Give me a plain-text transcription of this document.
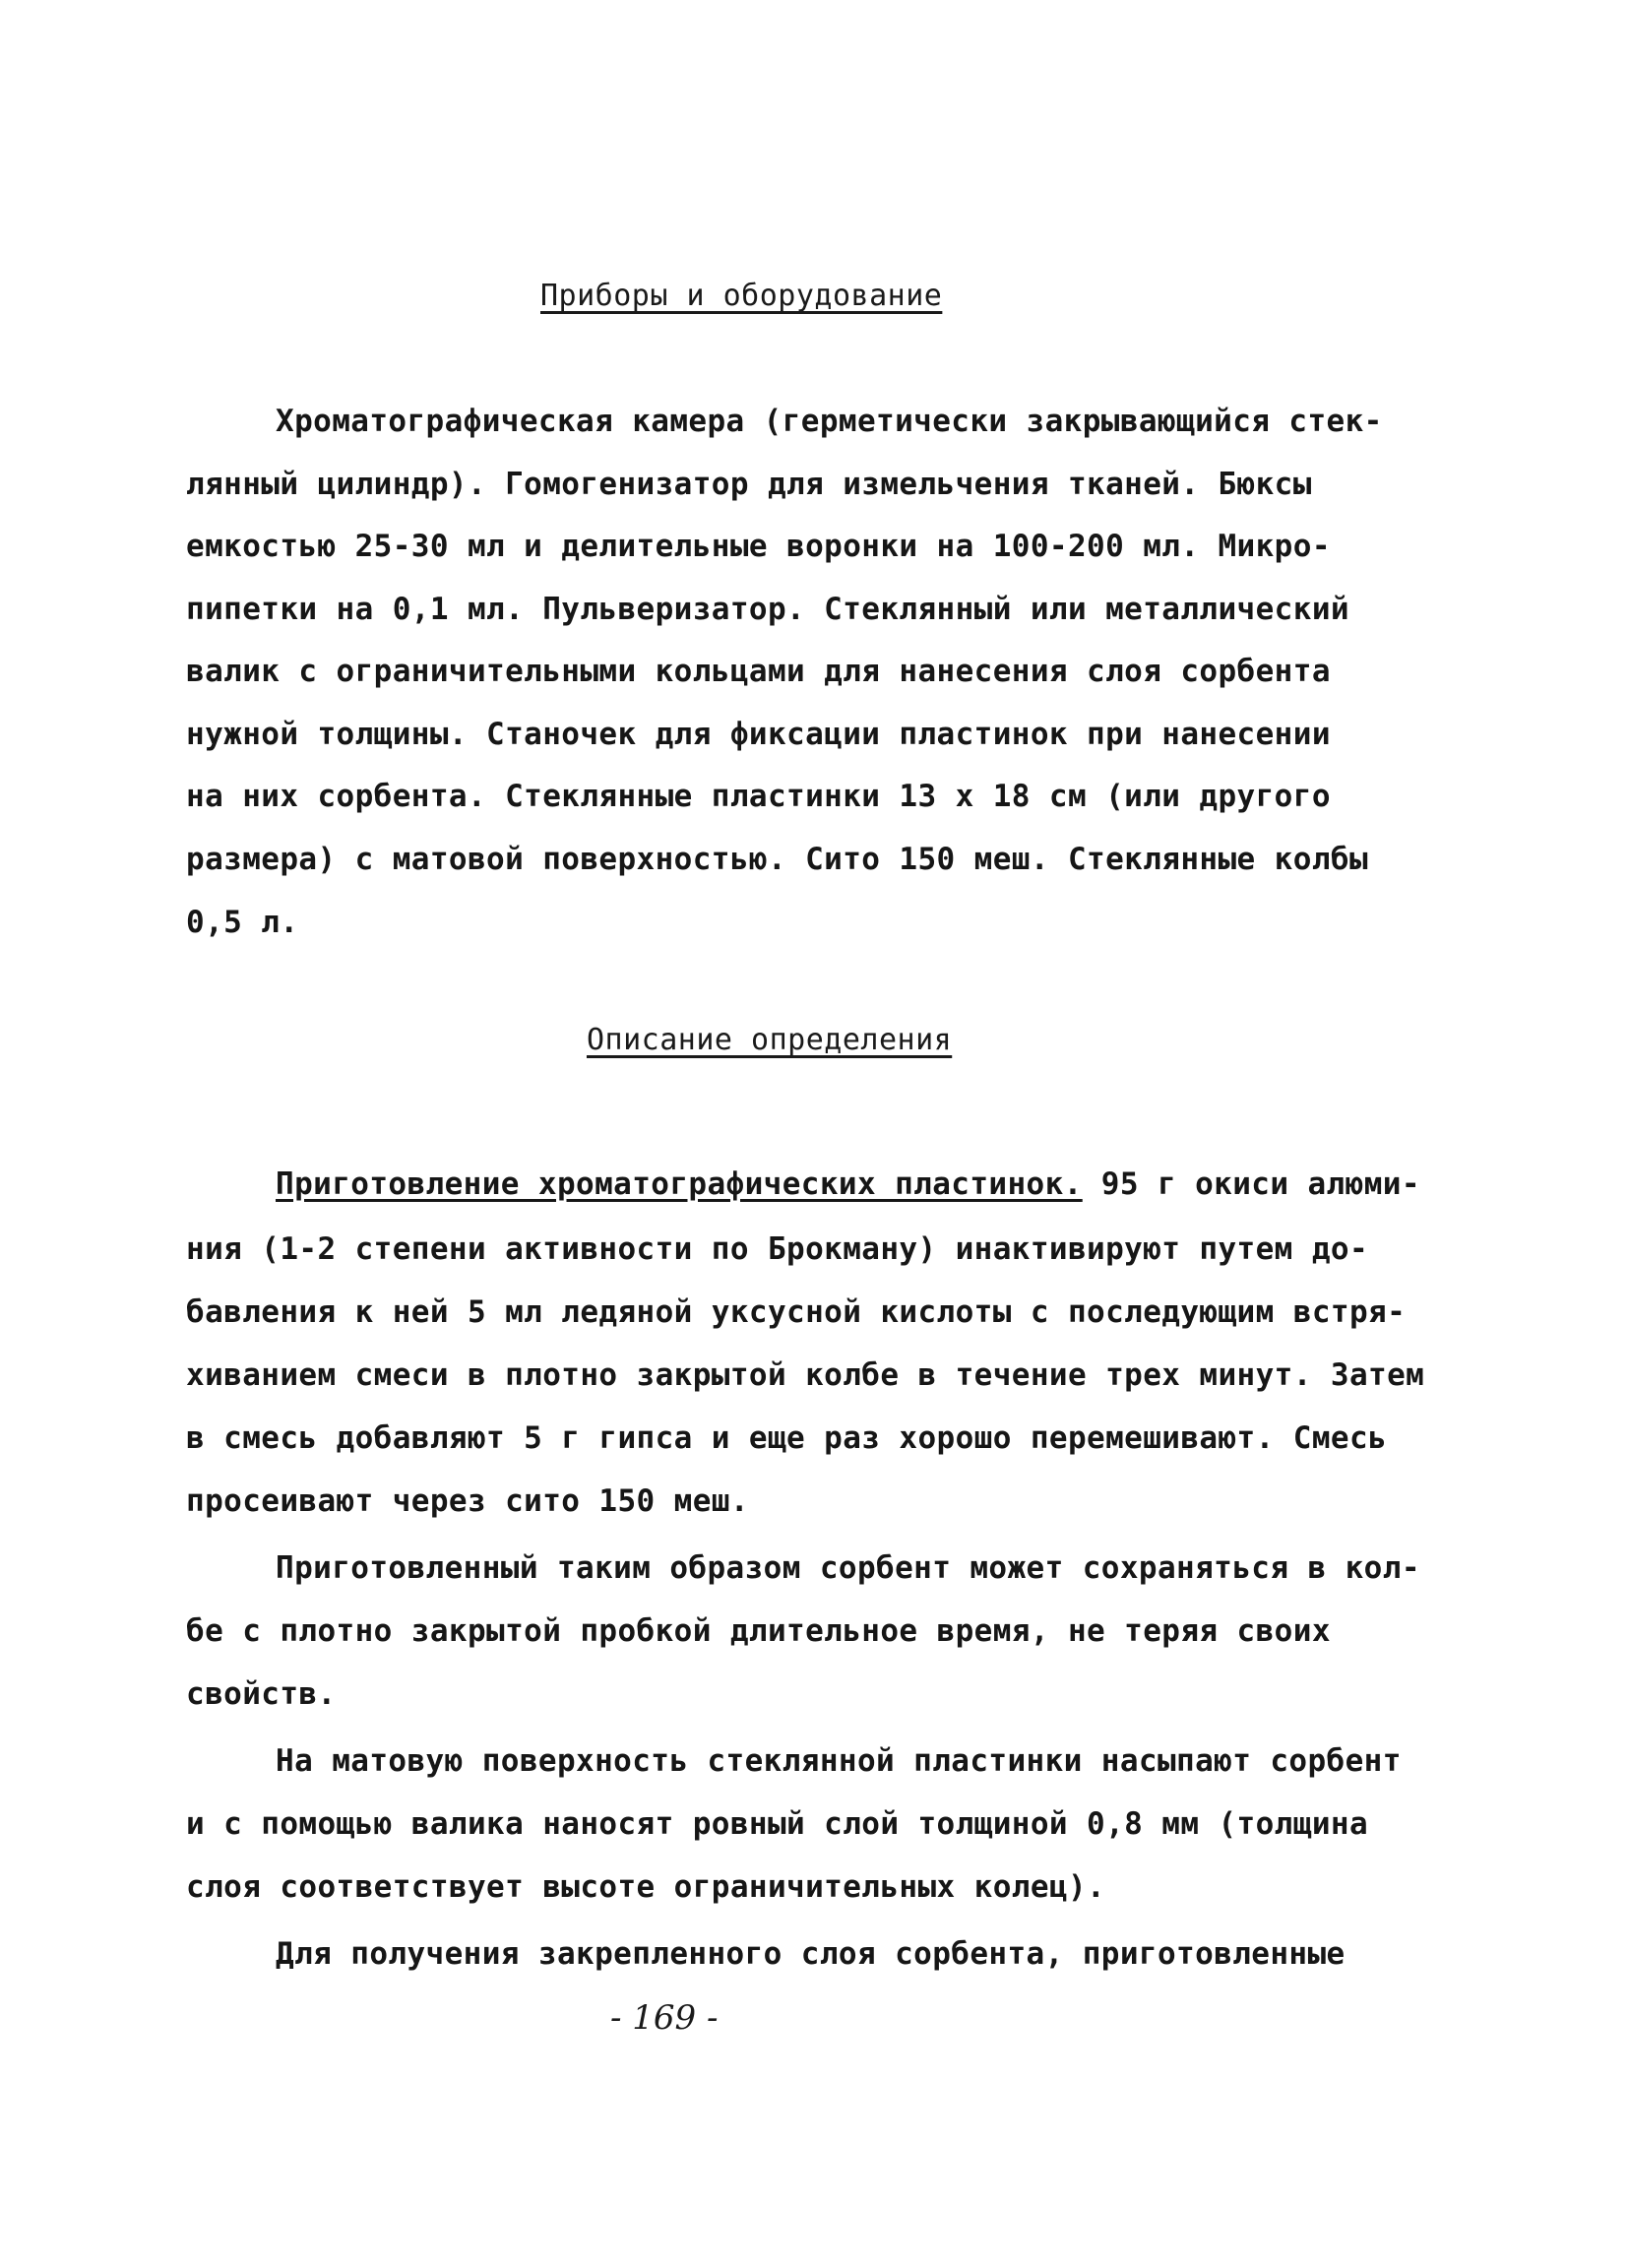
Приборы и оборудование
Хроматографическая камера (герметически закрывающийся стек-
лянный цилиндр). Гомогенизатор для измельчения тканей. Бюксы
емкостью 25-30 мл и делительные воронки на 100-200 мл. Микро-
пипетки на 0,1 мл. Пульверизатор. Стеклянный или металлический
валик с ограничительными кольцами для нанесения слоя сорбента
нужной толщины. Станочек для фиксации пластинок при нанесении
на них сорбента. Стеклянные пластинки 13 х 18 см (или другого
размера) с матовой поверхностью. Сито 150 меш. Стеклянные колбы
0,5 л.
Описание определения
Приготовление хроматографических пластинок. 95 г окиси алюми-
ния (1-2 степени активности по Брокману) инактивируют путем до-
бавления к ней 5 мл ледяной уксусной кислоты с последующим встря-
хиванием смеси в плотно закрытой колбе в течение трех минут. Затем
в смесь добавляют 5 г гипса и еще раз хорошо перемешивают. Смесь
просеивают через сито 150 меш.
Приготовленный таким образом сорбент может сохраняться в кол-
бе с плотно закрытой пробкой длительное время, не теряя своих
свойств.
На матовую поверхность стеклянной пластинки насыпают сорбент
и с помощью валика наносят ровный слой толщиной 0,8 мм (толщина
слоя соответствует высоте ограничительных колец).
Для получения закрепленного слоя сорбента, приготовленные
- 169 -
